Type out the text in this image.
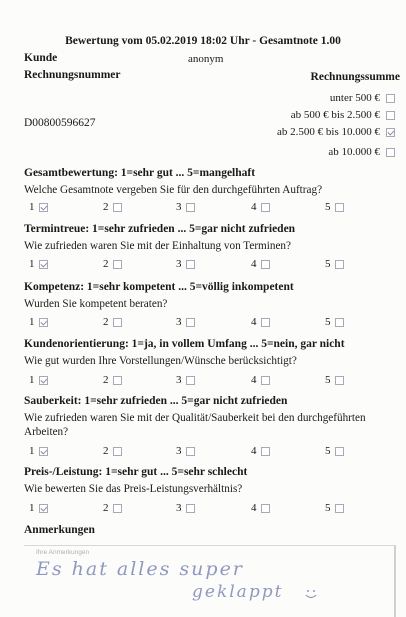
Bewertung vom 05.02.2019 18:02 Uhr - Gesamtnote 1.00
Kunde	anonym
Rechnungsnummer	Rechnungssumme
D00800596627
unter 500 €
ab 500 € bis 2.500 €
ab 2.500 € bis 10.000 €
ab 10.000 €
Gesamtbewertung: 1=sehr gut ... 5=mangelhaft
Welche Gesamtnote vergeben Sie für den durchgeführten Auftrag?
1	2	3	4	5
Termintreue: 1=sehr zufrieden ... 5=gar nicht zufrieden
Wie zufrieden waren Sie mit der Einhaltung von Terminen?
1	2	3	4	5
Kompetenz: 1=sehr kompetent ... 5=völlig inkompetent
Wurden Sie kompetent beraten?
1	2	3	4	5
Kundenorientierung: 1=ja, in vollem Umfang ... 5=nein, gar nicht
Wie gut wurden Ihre Vorstellungen/Wünsche berücksichtigt?
1	2	3	4	5
Sauberkeit: 1=sehr zufrieden ... 5=gar nicht zufrieden
Wie zufrieden waren Sie mit der Qualität/Sauberkeit bei den durchgeführten Arbeiten?
1	2	3	4	5
Preis-/Leistung: 1=sehr gut ... 5=sehr schlecht
Wie bewerten Sie das Preis-Leistungsverhältnis?
1	2	3	4	5
Anmerkungen
Ihre Anmerkungen
Es hat alles super
geklappt
